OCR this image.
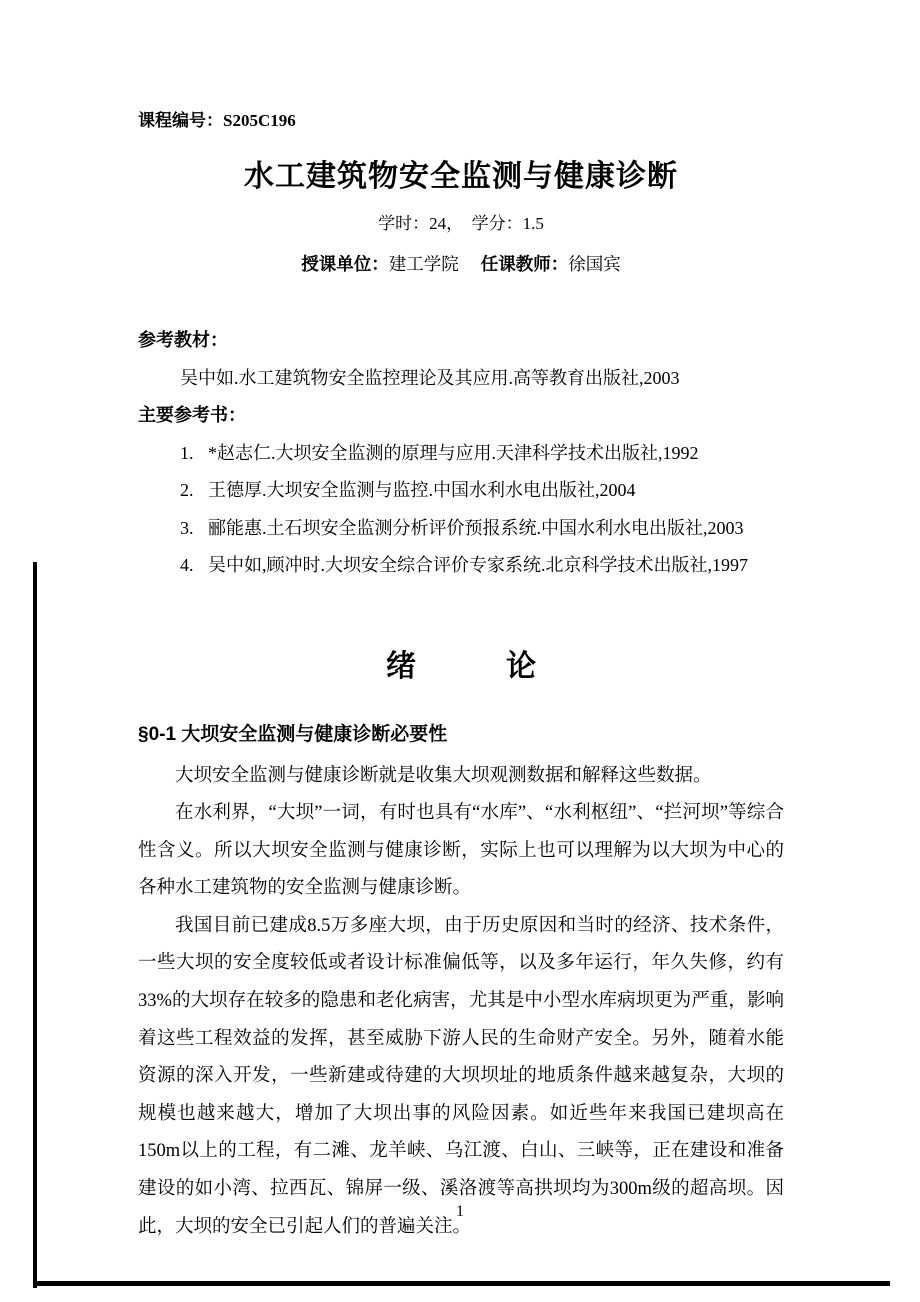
课程编号：S205C196
水工建筑物安全监测与健康诊断
学时：24，　学分：1.5
授课单位：建工学院 任课教师：徐国宾
参考教材：
吴中如.水工建筑物安全监控理论及其应用.高等教育出版社,2003
主要参考书：
1. *赵志仁.大坝安全监测的原理与应用.天津科学技术出版社,1992
2. 王德厚.大坝安全监测与监控.中国水利水电出版社,2004
3. 郦能惠.土石坝安全监测分析评价预报系统.中国水利水电出版社,2003
4. 吴中如,顾冲时.大坝安全综合评价专家系统.北京科学技术出版社,1997
绪　　　论
§0-1 大坝安全监测与健康诊断必要性

大坝安全监测与健康诊断就是收集大坝观测数据和解释这些数据。

在水利界，“大坝”一词，有时也具有“水库”、“水利枢纽”、“拦河坝”等综合性含义。所以大坝安全监测与健康诊断，实际上也可以理解为以大坝为中心的各种水工建筑物的安全监测与健康诊断。

我国目前已建成8.5万多座大坝，由于历史原因和当时的经济、技术条件，一些大坝的安全度较低或者设计标准偏低等，以及多年运行，年久失修，约有33%的大坝存在较多的隐患和老化病害，尤其是中小型水库病坝更为严重，影响着这些工程效益的发挥，甚至威胁下游人民的生命财产安全。另外，随着水能资源的深入开发，一些新建或待建的大坝坝址的地质条件越来越复杂，大坝的规模也越来越大，增加了大坝出事的风险因素。如近些年来我国已建坝高在150m以上的工程，有二滩、龙羊峡、乌江渡、白山、三峡等，正在建设和准备建设的如小湾、拉西瓦、锦屏一级、溪洛渡等高拱坝均为300m级的超高坝。因此，大坝的安全已引起人们的普遍关注。

1
